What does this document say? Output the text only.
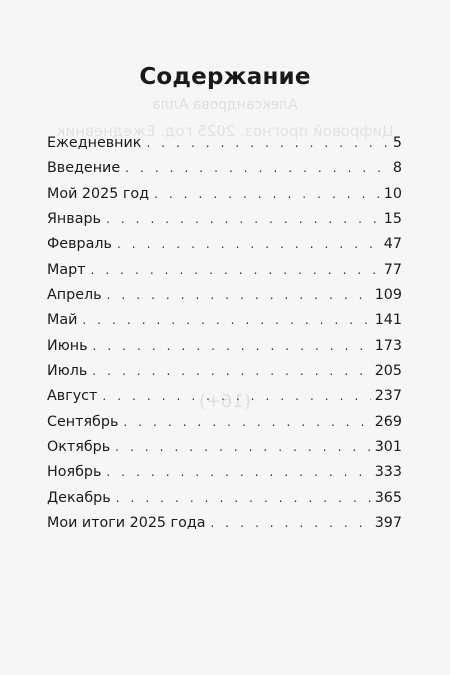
Александрова Алла
Цифровой прогноз. 2025 год. Ежедневник
(16+)
Содержание
Ежедневник . . .	5
Введение . . .	8
Мой 2025 год . . .	10
Январь . . .	15
Февраль . . .	47
Март . . .	77
Апрель . . .	109
Май . . .	141
Июнь . . .	173
Июль . . .	205
Август . . .	237
Сентябрь . . .	269
Октябрь . . .	301
Ноябрь . . .	333
Декабрь . . .	365
Мои итоги 2025 года . . .	397
